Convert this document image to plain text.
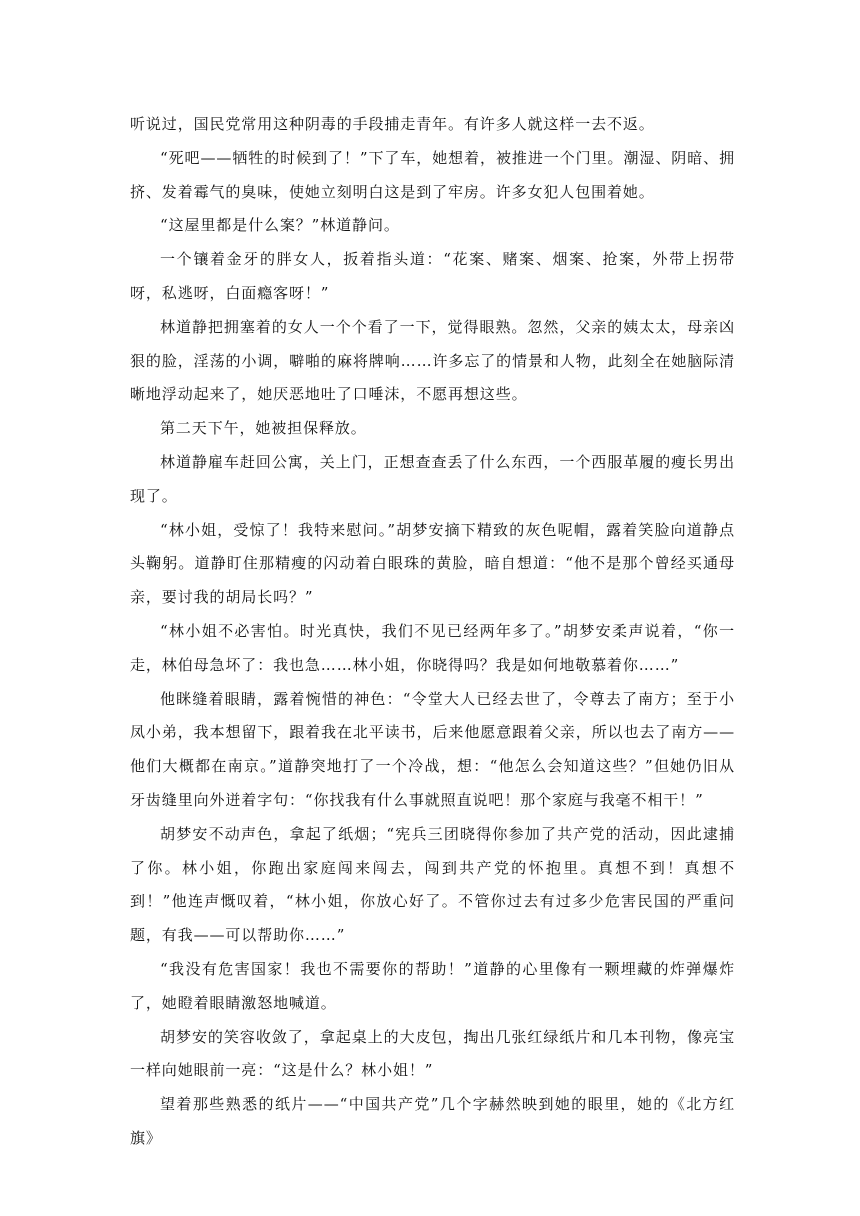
听说过，国民党常用这种阴毒的手段捕走青年。有许多人就这样一去不返。

“死吧——牺牲的时候到了！”下了车，她想着，被推进一个门里。潮湿、阴暗、拥挤、发着霉气的臭味，使她立刻明白这是到了牢房。许多女犯人包围着她。

“这屋里都是什么案？”林道静问。

一个镶着金牙的胖女人，扳着指头道：“花案、赌案、烟案、抢案，外带上拐带呀，私逃呀，白面瘾客呀！”

林道静把拥塞着的女人一个个看了一下，觉得眼熟。忽然，父亲的姨太太，母亲凶狠的脸，淫荡的小调，噼啪的麻将牌响……许多忘了的情景和人物，此刻全在她脑际清晰地浮动起来了，她厌恶地吐了口唾沫，不愿再想这些。

第二天下午，她被担保释放。

林道静雇车赶回公寓，关上门，正想查查丢了什么东西，一个西服革履的瘦长男出现了。

“林小姐，受惊了！我特来慰问。”胡梦安摘下精致的灰色呢帽，露着笑脸向道静点头鞠躬。道静盯住那精瘦的闪动着白眼珠的黄脸，暗自想道：“他不是那个曾经买通母亲，要讨我的胡局长吗？”

“林小姐不必害怕。时光真快，我们不见已经两年多了。”胡梦安柔声说着，“你一走，林伯母急坏了：我也急……林小姐，你晓得吗？我是如何地敬慕着你……”

他眯缝着眼睛，露着惋惜的神色：“令堂大人已经去世了，令尊去了南方；至于小凤小弟，我本想留下，跟着我在北平读书，后来他愿意跟着父亲，所以也去了南方——他们大概都在南京。”道静突地打了一个冷战，想：“他怎么会知道这些？”但她仍旧从牙齿缝里向外迸着字句：“你找我有什么事就照直说吧！那个家庭与我毫不相干！”

胡梦安不动声色，拿起了纸烟；“宪兵三团晓得你参加了共产党的活动，因此逮捕了你。林小姐，你跑出家庭闯来闯去，闯到共产党的怀抱里。真想不到！真想不到！”他连声慨叹着，“林小姐，你放心好了。不管你过去有过多少危害民国的严重问题，有我——可以帮助你……”

“我没有危害国家！我也不需要你的帮助！”道静的心里像有一颗埋藏的炸弹爆炸了，她瞪着眼睛激怒地喊道。

胡梦安的笑容收敛了，拿起桌上的大皮包，掏出几张红绿纸片和几本刊物，像亮宝一样向她眼前一亮：“这是什么？林小姐！”

望着那些熟悉的纸片——“中国共产党”几个字赫然映到她的眼里，她的《北方红旗》
